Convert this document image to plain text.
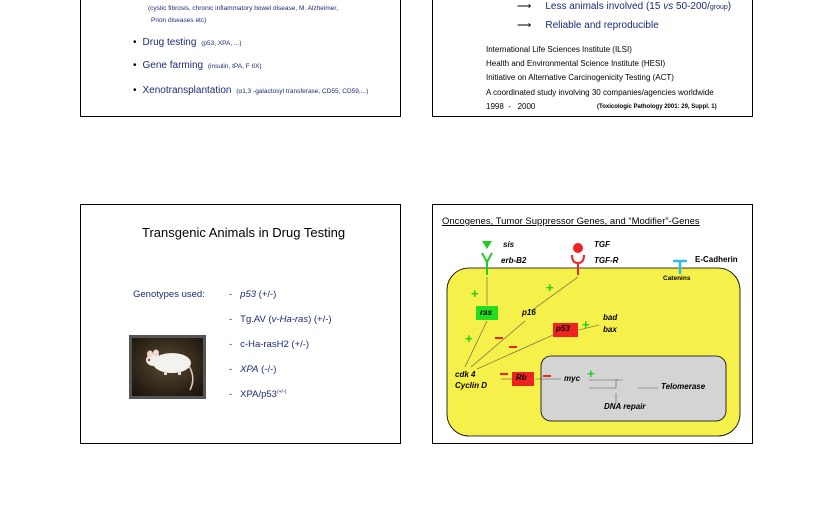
(cystic fibrosis, chronic inflammatory bowel disease, M. Alzheimer,
Prion diseases etc)
• Drug testing (p53, XPA, ...)
• Gene farming (insulin, tPA, F IIX)
• Xenotransplantation (α1,3 -galactosyl transferase, CD55, CD59,...)
⟶ Less animals involved (15 vs 50-200/group)
⟶ Reliable and reproducible
International Life Sciences Institute (ILSI)
Health and Environmental Science Institute (HESI)
Initiative on Alternative Carcinogenicity Testing (ACT)
A coordinated study involving 30 companies/agencies worldwide
1998  -   2000	(Toxicologic Pathology 2001: 29, Suppl. 1)
Transgenic Animals in Drug Testing
Genotypes used:	- p53 (+/-)
- Tg.AV (v-Ha-ras) (+/-)
- c-Ha-rasH2 (+/-)
- XPA (-/-)
- XPA/p53(+/-)
Oncogenes, Tumor Suppressor Genes, and “Modifier”-Genes
+	+
+
+
+
sis
erb-B2
TGF
TGF-R	E-Cadherin
Catenins
ras	p16
p53
bad
bax
cdk 4
Cyclin D
Rb	myc
Telomerase
DNA repair
